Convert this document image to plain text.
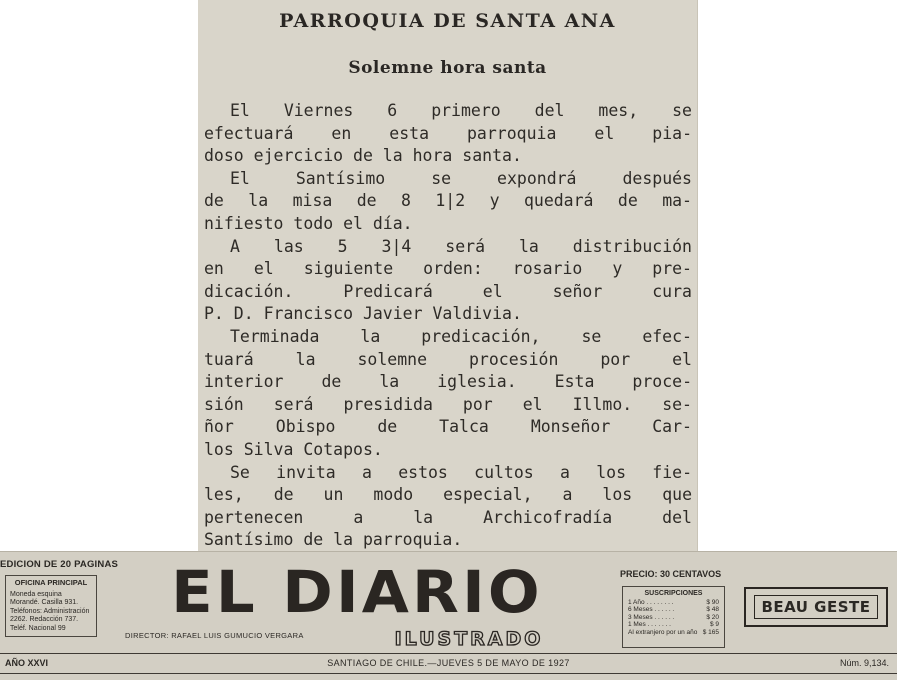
PARROQUIA DE SANTA ANA
Solemne hora santa
El Viernes 6 primero del mes, se
efectuará en esta parroquia el pia-
doso ejercicio de la hora santa.
El Santísimo se expondrá después
de la misa de 8 1|2 y quedará de ma-
nifiesto todo el día.
A las 5 3|4 será la distribución
en el siguiente orden: rosario y pre-
dicación. Predicará el señor cura
P. D. Francisco Javier Valdivia.
Terminada la predicación, se efec-
tuará la solemne procesión por el
interior de la iglesia. Esta proce-
sión será presidida por el Illmo. se-
ñor Obispo de Talca Monseñor Car-
los Silva Cotapos.
Se invita a estos cultos a los fie-
les, de un modo especial, a los que
pertenecen a la Archicofradía del
Santísimo de la parroquia.
EDICION DE 20 PAGINAS
OFICINA PRINCIPAL
Moneda esquina Morandé. Casilla 931. Teléfonos: Administración 2262. Redacción 737. Teléf. Nacional 99
EL DIARIO
ILUSTRADO
DIRECTOR: RAFAEL LUIS GUMUCIO VERGARA
PRECIO: 30 CENTAVOS
SUSCRIPCIONES
1 Año . . . . . . . .	$ 90
6 Meses . . . . . .	$ 48
3 Meses . . . . . .	$ 20
1 Mes . . . . . . .	$ 9
Al extranjero por un año $ 165
BEAU GESTE
AÑO XXVI	SANTIAGO DE CHILE.—JUEVES 5 DE MAYO DE 1927	Núm. 9,134.
